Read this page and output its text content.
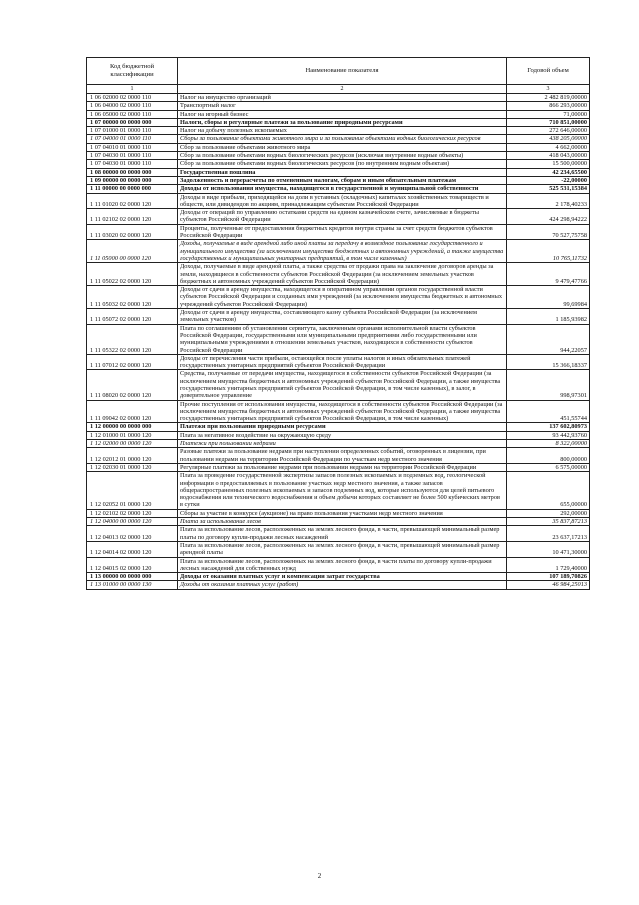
Код бюджетной классификации	Наименование показателя	Годовой объем
1	2	3
1 06 02000 02 0000 110	Налог на имущество организаций	2 482 819,00000
1 06 04000 02 0000 110	Транспортный налог	866 293,00000
1 06 05000 02 0000 110	Налог на игорный бизнес	71,00000
1 07 00000 00 0000 000	Налоги, сборы и регулярные платежи за пользование природными ресурсами	710 851,00000
1 07 01000 01 0000 110	Налог на добычу полезных ископаемых	272 646,00000
1 07 04000 01 0000 110	Сборы за пользование объектами животного мира и за пользование объектами водных биологических ресурсов	438 205,00000
1 07 04010 01 0000 110	Сбор за пользование объектами животного мира	4 662,00000
1 07 04030 01 0000 110	Сбор за пользование объектами водных биологических ресурсов (исключая внутренние водные объекты)	418 043,00000
1 07 04030 01 0000 110	Сбор за пользование объектами водных биологических ресурсов (по внутренним водным объектам)	15 500,00000
1 08 00000 00 0000 000	Государственная пошлина	42 234,65500
1 09 00000 00 0000 000	Задолженность и перерасчеты по отмененным налогам, сборам и иным обязательным платежам	-22,00000
1 11 00000 00 0000 000	Доходы от использования имущества, находящегося в государственной и муниципальной собственности	525 531,15384
1 11 01020 02 0000 120	Доходы в виде прибыли, приходящейся на доли в уставных (складочных) капиталах хозяйственных товариществ и обществ, или дивидендов по акциям, принадлежащим субъектам Российской Федерации	2 178,40233
1 11 02102 02 0000 120	Доходы от операций по управлению остатками средств на едином казначейском счете, зачисляемые в бюджеты субъектов Российской Федерации	424 298,94222
1 11 03020 02 0000 120	Проценты, полученные от предоставления бюджетных кредитов внутри страны за счет средств бюджетов субъектов Российской Федерации	70 527,75758
1 11 05000 00 0000 120	Доходы, получаемые в виде арендной либо иной платы за передачу в возмездное пользование государственного и муниципального имущества (за исключением имущества бюджетных и автономных учреждений, а также имущества государственных и муниципальных унитарных предприятий, в том числе казенных)	10 765,11732
1 11 05022 02 0000 120	Доходы, получаемые в виде арендной платы, а также средства от продажи права на заключение договоров аренды за земли, находящиеся в собственности субъектов Российской Федерации (за исключением земельных участков бюджетных и автономных учреждений субъектов Российской Федерации)	9 479,47766
1 11 05032 02 0000 120	Доходы от сдачи в аренду имущества, находящегося в оперативном управлении органов государственной власти субъектов Российской Федерации и созданных ими учреждений (за исключением имущества бюджетных и автономных учреждений субъектов Российской Федерации)	99,69984
1 11 05072 02 0000 120	Доходы от сдачи в аренду имущества, составляющего казну субъекта Российской Федерации (за исключением земельных участков)	1 185,93982
1 11 05322 02 0000 120	Плата по соглашениям об установлении сервитута, заключенным органами исполнительной власти субъектов Российской Федерации, государственными или муниципальными предприятиями либо государственными или муниципальными учреждениями в отношении земельных участков, находящихся в собственности субъектов Российской Федерации	944,22057
1 11 07012 02 0000 120	Доходы от перечисления части прибыли, остающейся после уплаты налогов и иных обязательных платежей государственных унитарных предприятий субъектов Российской Федерации	15 366,18337
1 11 08020 02 0000 120	Средства, получаемые от передачи имущества, находящегося в собственности субъектов Российской Федерации (за исключением имущества бюджетных и автономных учреждений субъектов Российской Федерации, а также имущества государственных унитарных предприятий субъектов Российской Федерации, в том числе казенных), в залог, в доверительное управление	998,97301
1 11 09042 02 0000 120	Прочие поступления от использования имущества, находящегося в собственности субъектов Российской Федерации (за исключением имущества бюджетных и автономных учреждений субъектов Российской Федерации, а также имущества государственных унитарных предприятий субъектов Российской Федерации, в том числе казенных)	451,55744
1 12 00000 00 0000 000	Платежи при пользовании природными ресурсами	137 602,80973
1 12 01000 01 0000 120	Плата за негативное воздействие на окружающую среду	93 442,93760
1 12 02000 00 0000 120	Платежи при пользовании недрами	8 322,00000
1 12 02012 01 0000 120	Разовые платежи за пользование недрами при наступлении определенных событий, оговоренных в лицензии, при пользовании недрами на территории Российской Федерации по участкам недр местного значения	800,00000
1 12 02030 01 0000 120	Регулярные платежи за пользование недрами при пользовании недрами на территории Российской Федерации	6 575,00000
1 12 02052 01 0000 120	Плата за проведение государственной экспертизы запасов полезных ископаемых и подземных вод, геологической информации о предоставляемых в пользование участках недр местного значения, а также запасов общераспространенных полезных ископаемых и запасов подземных вод, которые используются для целей питьевого водоснабжения или технического водоснабжения и объем добычи которых составляет не более 500 кубических метров в сутки	655,00000
1 12 02102 02 0000 120	Сборы за участие в конкурсе (аукционе) на право пользования участками недр местного значения	292,00000
1 12 04000 00 0000 120	Плата за использование лесов	35 837,87213
1 12 04013 02 0000 120	Плата за использование лесов, расположенных на землях лесного фонда, в части, превышающей минимальный размер платы по договору купли-продажи лесных насаждений	23 637,17213
1 12 04014 02 0000 120	Плата за использование лесов, расположенных на землях лесного фонда, в части, превышающей минимальный размер арендной платы	10 471,30000
1 12 04015 02 0000 120	Плата за использование лесов, расположенных на землях лесного фонда, в части платы по договору купли-продажи лесных насаждений для собственных нужд	1 729,40000
1 13 00000 00 0000 000	Доходы от оказания платных услуг и компенсации затрат государства	107 189,70826
1 13 01000 00 0000 130	Доходы от оказания платных услуг (работ)	46 984,25013
2
